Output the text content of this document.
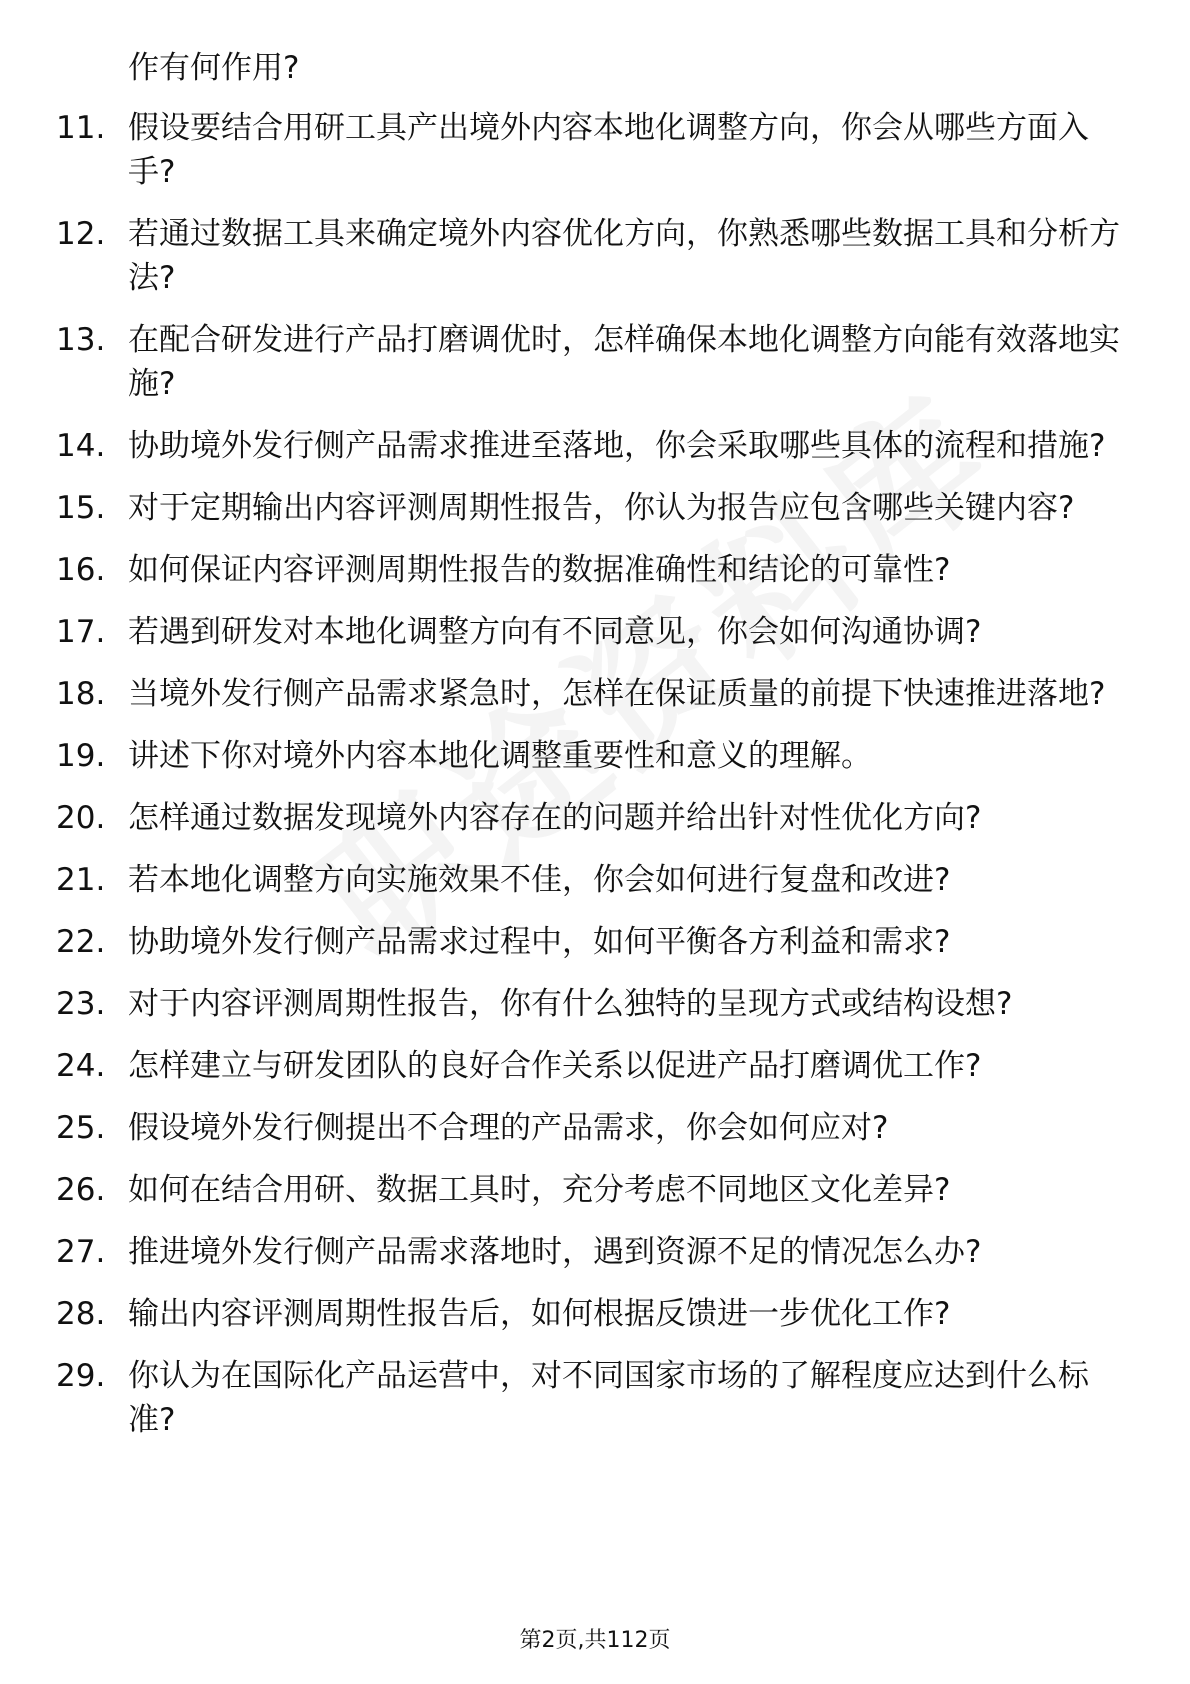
作有何作用?
11. 假设要结合用研工具产出境外内容本地化调整方向，你会从哪些方面入手?
12. 若通过数据工具来确定境外内容优化方向，你熟悉哪些数据工具和分析方法?
13. 在配合研发进行产品打磨调优时，怎样确保本地化调整方向能有效落地实施?
14. 协助境外发行侧产品需求推进至落地，你会采取哪些具体的流程和措施?
15. 对于定期输出内容评测周期性报告，你认为报告应包含哪些关键内容?
16. 如何保证内容评测周期性报告的数据准确性和结论的可靠性?
17. 若遇到研发对本地化调整方向有不同意见，你会如何沟通协调?
18. 当境外发行侧产品需求紧急时，怎样在保证质量的前提下快速推进落地?
19. 讲述下你对境外内容本地化调整重要性和意义的理解。
20. 怎样通过数据发现境外内容存在的问题并给出针对性优化方向?
21. 若本地化调整方向实施效果不佳，你会如何进行复盘和改进?
22. 协助境外发行侧产品需求过程中，如何平衡各方利益和需求?
23. 对于内容评测周期性报告，你有什么独特的呈现方式或结构设想?
24. 怎样建立与研发团队的良好合作关系以促进产品打磨调优工作?
25. 假设境外发行侧提出不合理的产品需求，你会如何应对?
26. 如何在结合用研、数据工具时，充分考虑不同地区文化差异?
27. 推进境外发行侧产品需求落地时，遇到资源不足的情况怎么办?
28. 输出内容评测周期性报告后，如何根据反馈进一步优化工作?
29. 你认为在国际化产品运营中，对不同国家市场的了解程度应达到什么标准?
第2页,共112页
